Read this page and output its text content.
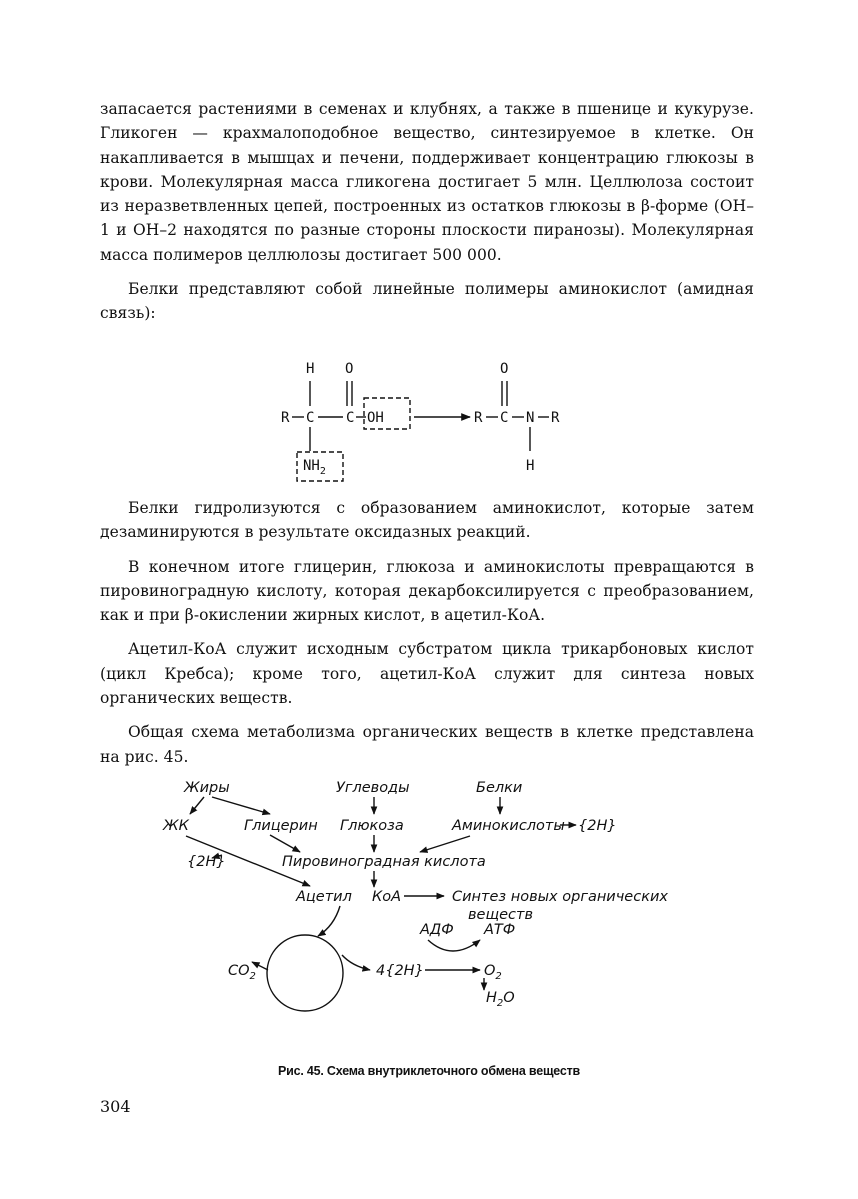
запасается растениями в семенах и клубнях, а также в пшенице и кукурузе. Гликоген — крахмалоподобное вещество, синтезируемое в клетке. Он накапливается в мышцах и печени, поддерживает концентрацию глюкозы в крови. Молекулярная масса гликогена достигает 5 млн. Целлюлоза состоит из неразветвленных цепей, построенных из остатков глюкозы в β-форме (ОН–1 и ОН–2 находятся по разные стороны плоскости пиранозы). Молекулярная масса полимеров целлюлозы достигает 500 000.

Белки представляют собой линейные полимеры аминокислот (амидная связь):

H O	O
R C C OH	R C N R
$NH_2$	H

Белки гидролизуются с образованием аминокислот, которые затем дезаминируются в результате оксидазных реакций.

В конечном итоге глицерин, глюкоза и аминокислоты превращаются в пировиноградную кислоту, которая декарбоксилируется с преобразованием, как и при β-окислении жирных кислот, в ацетил-КоА.

Ацетил-КоА служит исходным субстратом цикла трикарбоновых кислот (цикл Кребса); кроме того, ацетил-КоА служит для синтеза новых органических веществ.

Общая схема метаболизма органических веществ в клетке представлена на рис. 45.

Жиры	Углеводы	Белки
ЖК	Глицерин Глюкоза	Аминокислоты {2H}
{2H}	Пировиноградная кислота
Ацетил КоА	Синтез новых органических
веществ
АДФ АТФ
$CO_2$	4{2H}	$O_2$
$H_2O$
Рис. 45. Схема внутриклеточного обмена веществ
304
